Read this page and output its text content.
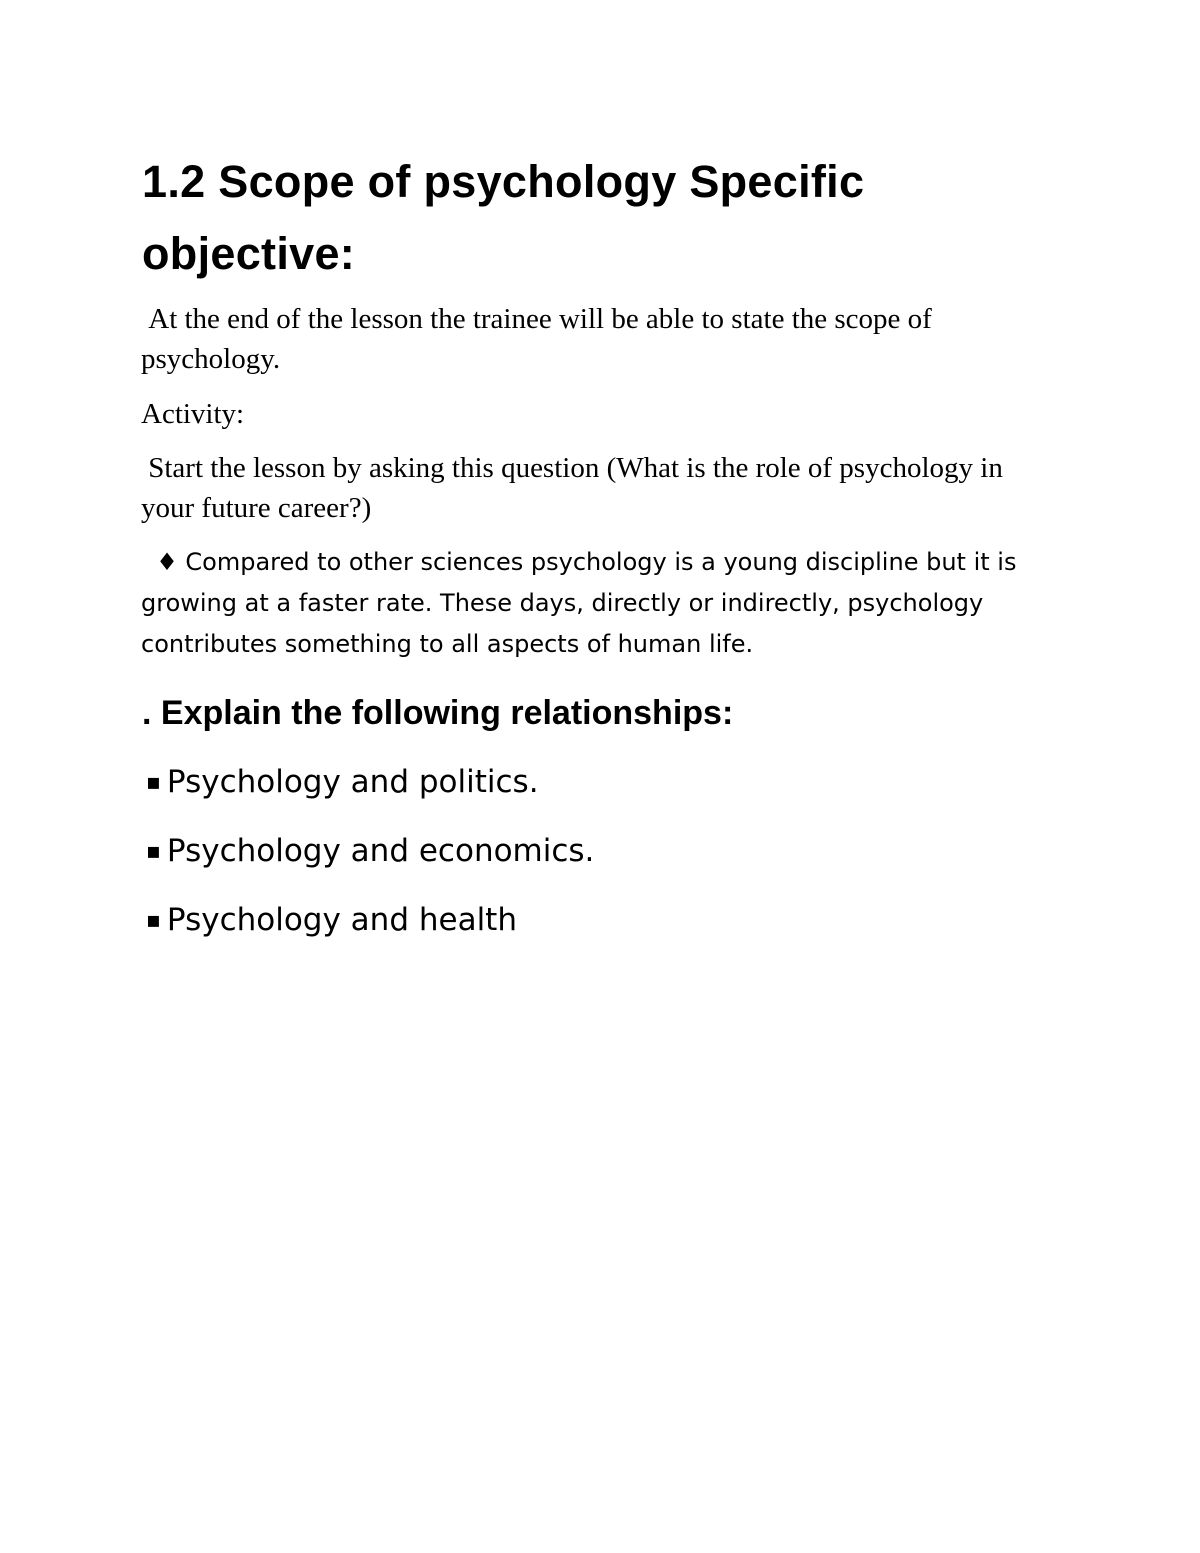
1.2 Scope of psychology Specific objective:

At the end of the lesson the trainee will be able to state the scope of psychology.

Activity:

Start the lesson by asking this question (What is the role of psychology in your future career?)

♦ Compared to other sciences psychology is a young discipline but it is growing at a faster rate. These days, directly or indirectly, psychology contributes something to all aspects of human life.

. Explain the following relationships:
▪ Psychology and politics.
▪ Psychology and economics.
▪ Psychology and health
